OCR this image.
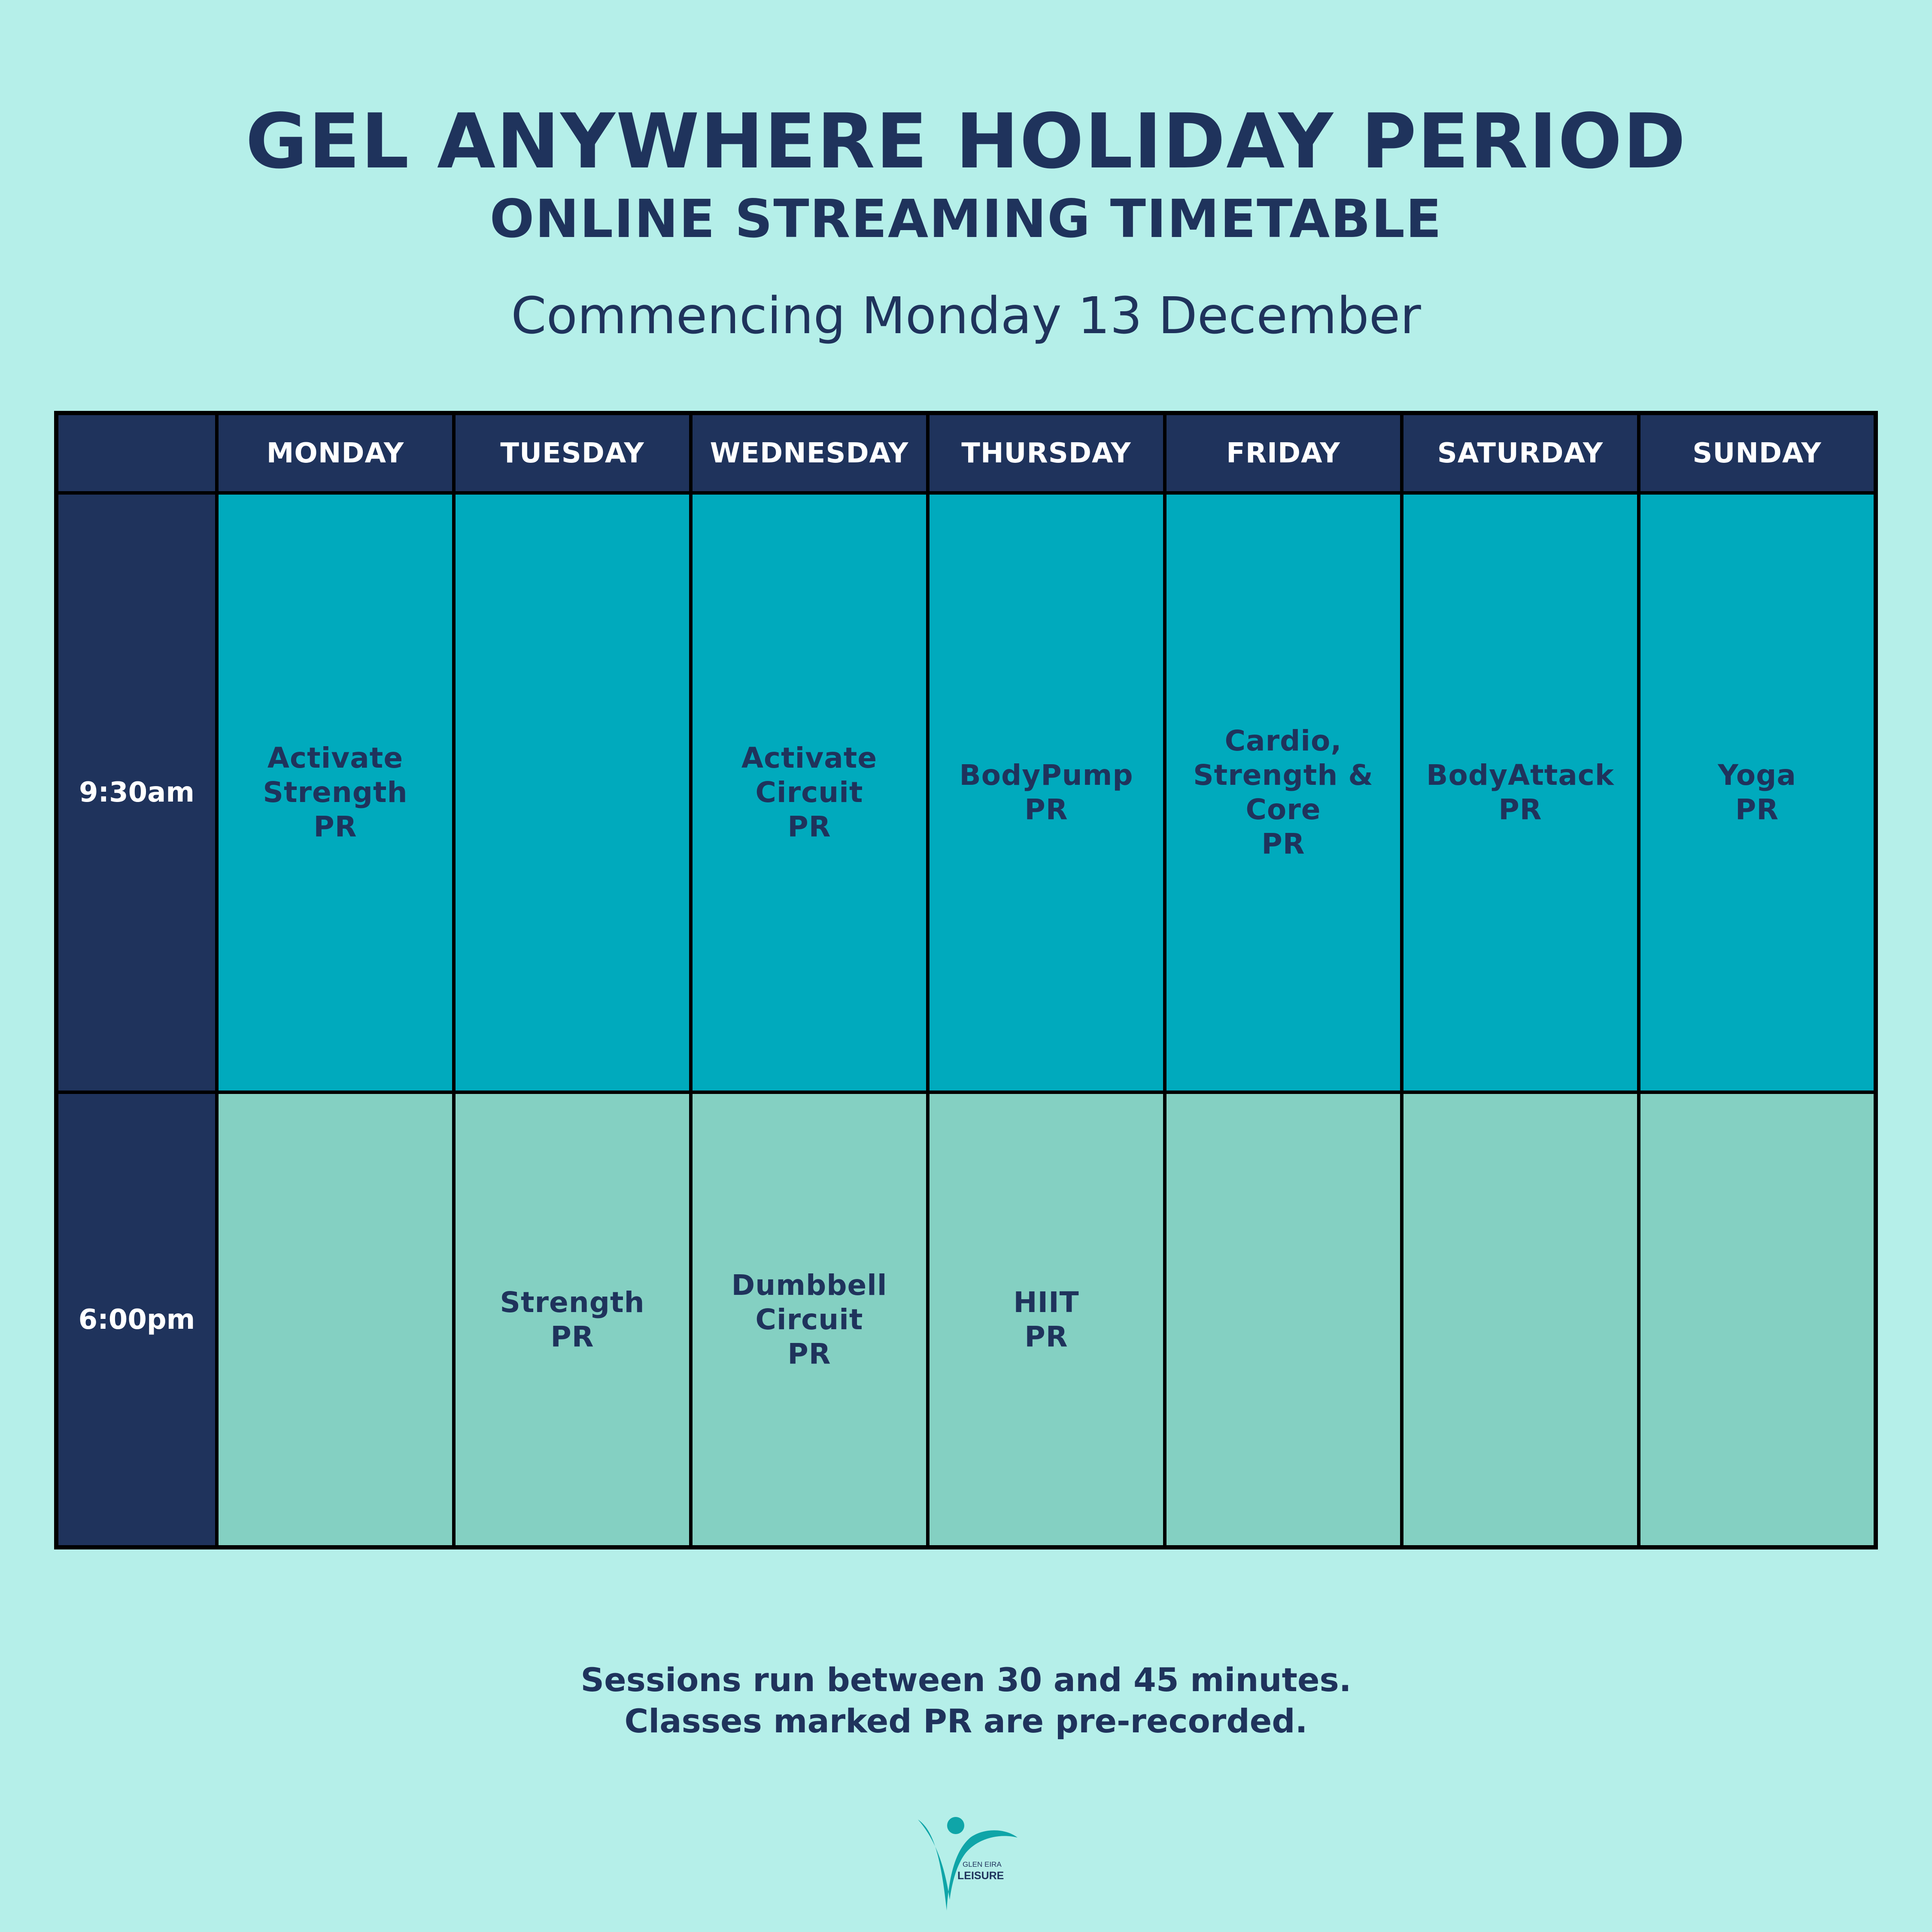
GEL ANYWHERE HOLIDAY PERIOD
ONLINE STREAMING TIMETABLE

Commencing Monday 13 December

	MONDAY	TUESDAY	WEDNESDAY	THURSDAY	FRIDAY	SATURDAY	SUNDAY
9:30am	Activate
Strength
PR		Activate
Circuit
PR	BodyPump
PR	Cardio,
Strength &
Core
PR	BodyAttack
PR	Yoga
PR

6:00pm		Strength
PR	Dumbbell
Circuit
PR	HIIT
PR			

Sessions run between 30 and 45 minutes.
Classes marked PR are pre-recorded.
GLEN EIRA
LEISURE
